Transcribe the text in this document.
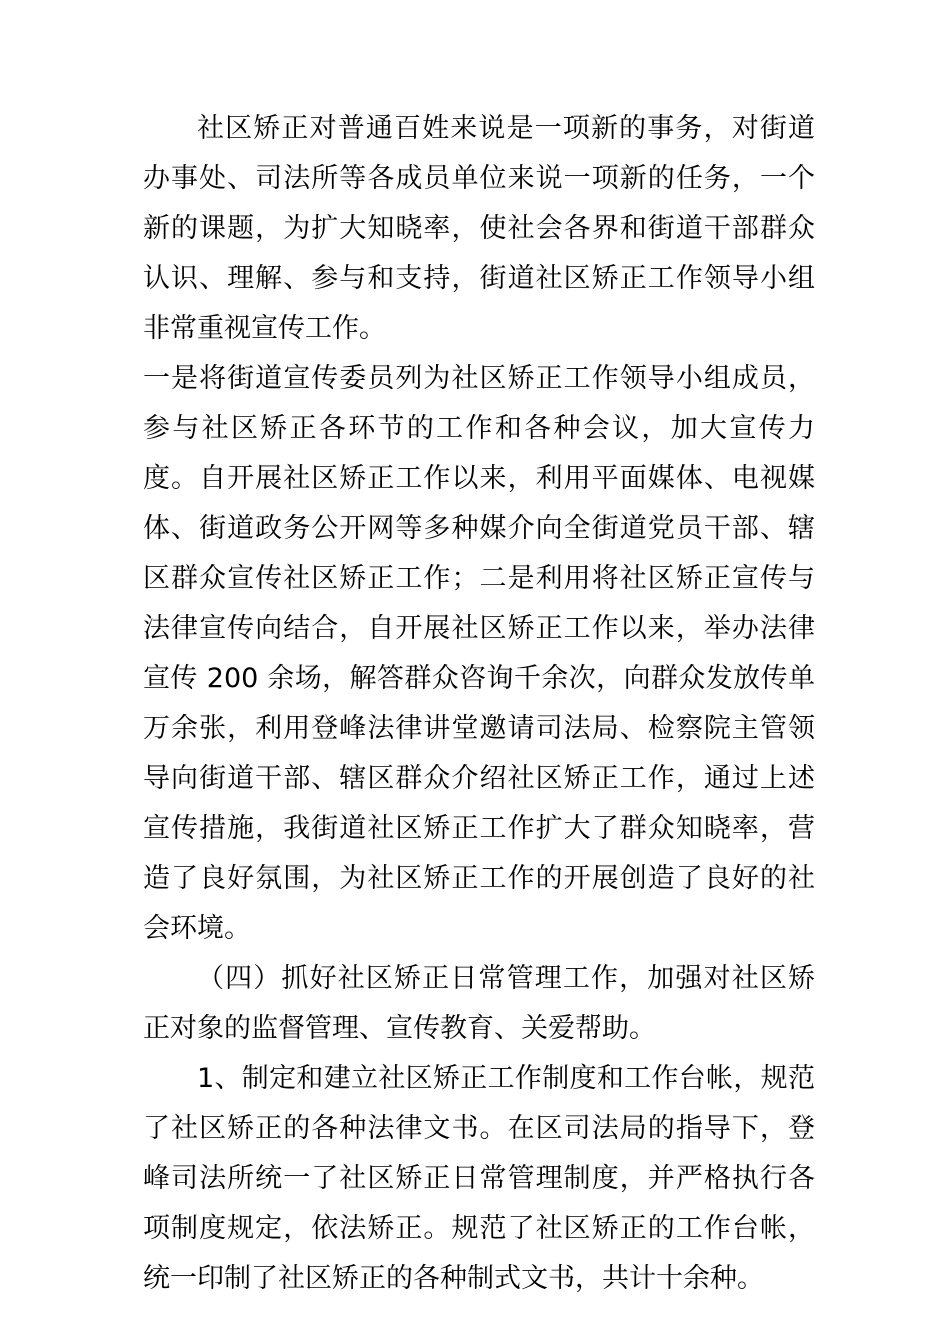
社区矫正对普通百姓来说是一项新的事务，对街道办事处、司法所等各成员单位来说一项新的任务，一个新的课题，为扩大知晓率，使社会各界和街道干部群众认识、理解、参与和支持，街道社区矫正工作领导小组非常重视宣传工作。

一是将街道宣传委员列为社区矫正工作领导小组成员，参与社区矫正各环节的工作和各种会议，加大宣传力度。自开展社区矫正工作以来，利用平面媒体、电视媒体、街道政务公开网等多种媒介向全街道党员干部、辖区群众宣传社区矫正工作；二是利用将社区矫正宣传与法律宣传向结合，自开展社区矫正工作以来，举办法律宣传 200 余场，解答群众咨询千余次，向群众发放传单万余张，利用登峰法律讲堂邀请司法局、检察院主管领导向街道干部、辖区群众介绍社区矫正工作，通过上述宣传措施，我街道社区矫正工作扩大了群众知晓率，营造了良好氛围，为社区矫正工作的开展创造了良好的社会环境。

（四）抓好社区矫正日常管理工作，加强对社区矫正对象的监督管理、宣传教育、关爱帮助。

1、制定和建立社区矫正工作制度和工作台帐，规范了社区矫正的各种法律文书。在区司法局的指导下，登峰司法所统一了社区矫正日常管理制度，并严格执行各项制度规定，依法矫正。规范了社区矫正的工作台帐，统一印制了社区矫正的各种制式文书，共计十余种。
